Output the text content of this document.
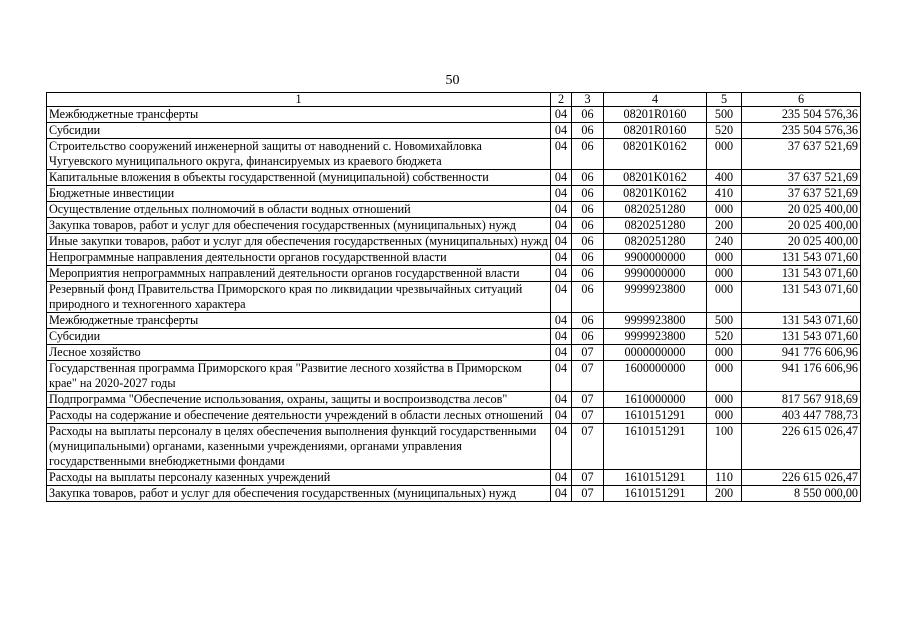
50
1	2	3	4	5	6
Межбюджетные трансферты	04	06	08201R0160	500	235 504 576,36
Субсидии	04	06	08201R0160	520	235 504 576,36
Строительство сооружений инженерной защиты от наводнений с. Новомихайловка Чугуевского муниципального округа, финансируемых из краевого бюджета	04	06	08201K0162	000	37 637 521,69
Капитальные вложения в объекты государственной (муниципальной) собственности	04	06	08201K0162	400	37 637 521,69
Бюджетные инвестиции	04	06	08201K0162	410	37 637 521,69
Осуществление отдельных полномочий в области водных отношений	04	06	0820251280	000	20 025 400,00
Закупка товаров, работ и услуг для обеспечения государственных (муниципальных) нужд	04	06	0820251280	200	20 025 400,00
Иные закупки товаров, работ и услуг для обеспечения государственных (муниципальных) нужд	04	06	0820251280	240	20 025 400,00
Непрограммные направления деятельности органов государственной власти	04	06	9900000000	000	131 543 071,60
Мероприятия непрограммных направлений деятельности органов государственной власти	04	06	9990000000	000	131 543 071,60
Резервный фонд Правительства Приморского края по ликвидации чрезвычайных ситуаций природного и техногенного характера	04	06	9999923800	000	131 543 071,60
Межбюджетные трансферты	04	06	9999923800	500	131 543 071,60
Субсидии	04	06	9999923800	520	131 543 071,60
Лесное хозяйство	04	07	0000000000	000	941 776 606,96
Государственная программа Приморского края "Развитие лесного хозяйства в Приморском крае" на 2020-2027 годы	04	07	1600000000	000	941 176 606,96
Подпрограмма "Обеспечение использования, охраны, защиты и воспроизводства лесов"	04	07	1610000000	000	817 567 918,69
Расходы на содержание и обеспечение деятельности учреждений в области лесных отношений	04	07	1610151291	000	403 447 788,73
Расходы на выплаты персоналу в целях обеспечения выполнения функций государственными (муниципальными) органами, казенными учреждениями, органами управления государственными внебюджетными фондами	04	07	1610151291	100	226 615 026,47
Расходы на выплаты персоналу казенных учреждений	04	07	1610151291	110	226 615 026,47
Закупка товаров, работ и услуг для обеспечения государственных (муниципальных) нужд	04	07	1610151291	200	8 550 000,00
